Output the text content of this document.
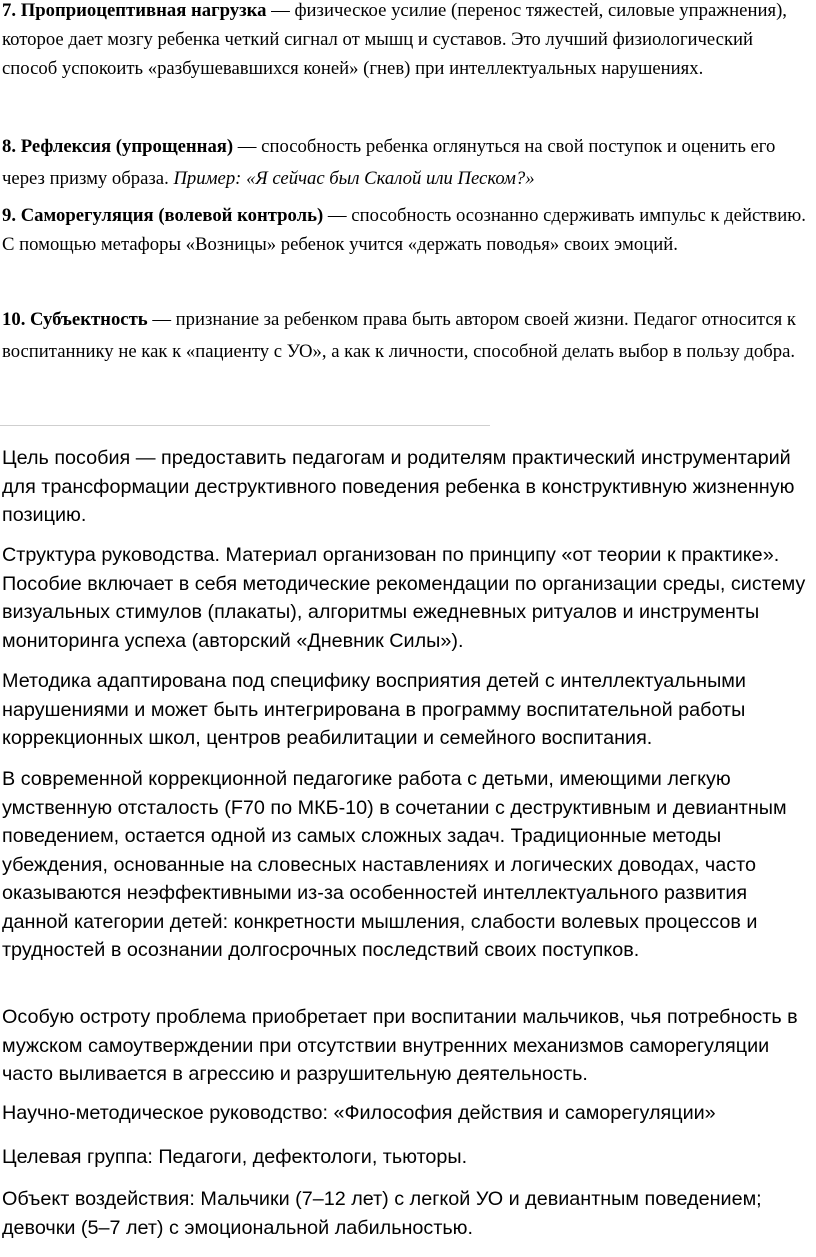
7. Проприоцептивная нагрузка — физическое усилие (перенос тяжестей, силовые упражнения), которое дает мозгу ребенка четкий сигнал от мышц и суставов. Это лучший физиологический способ успокоить «разбушевавшихся коней» (гнев) при интеллектуальных нарушениях.

8. Рефлексия (упрощенная) — способность ребенка оглянуться на свой поступок и оценить его через призму образа. Пример: «Я сейчас был Скалой или Песком?»

9. Саморегуляция (волевой контроль) — способность осознанно сдерживать импульс к действию. С помощью метафоры «Возницы» ребенок учится «держать поводья» своих эмоций.

10. Субъектность — признание за ребенком права быть автором своей жизни. Педагог относится к воспитаннику не как к «пациенту с УО», а как к личности, способной делать выбор в пользу добра.

Цель пособия — предоставить педагогам и родителям практический инструментарий для трансформации деструктивного поведения ребенка в конструктивную жизненную позицию.

Структура руководства. Материал организован по принципу «от теории к практике». Пособие включает в себя методические рекомендации по организации среды, систему визуальных стимулов (плакаты), алгоритмы ежедневных ритуалов и инструменты мониторинга успеха (авторский «Дневник Силы»).

Методика адаптирована под специфику восприятия детей с интеллектуальными нарушениями и может быть интегрирована в программу воспитательной работы коррекционных школ, центров реабилитации и семейного воспитания.

В современной коррекционной педагогике работа с детьми, имеющими легкую умственную отсталость (F70 по МКБ-10) в сочетании с деструктивным и девиантным поведением, остается одной из самых сложных задач. Традиционные методы убеждения, основанные на словесных наставлениях и логических доводах, часто оказываются неэффективными из-за особенностей интеллектуального развития данной категории детей: конкретности мышления, слабости волевых процессов и трудностей в осознании долгосрочных последствий своих поступков.

Особую остроту проблема приобретает при воспитании мальчиков, чья потребность в мужском самоутверждении при отсутствии внутренних механизмов саморегуляции часто выливается в агрессию и разрушительную деятельность.

Научно-методическое руководство: «Философия действия и саморегуляции»

Целевая группа: Педагоги, дефектологи, тьюторы.

Объект воздействия: Мальчики (7–12 лет) с легкой УО и девиантным поведением; девочки (5–7 лет) с эмоциональной лабильностью.
